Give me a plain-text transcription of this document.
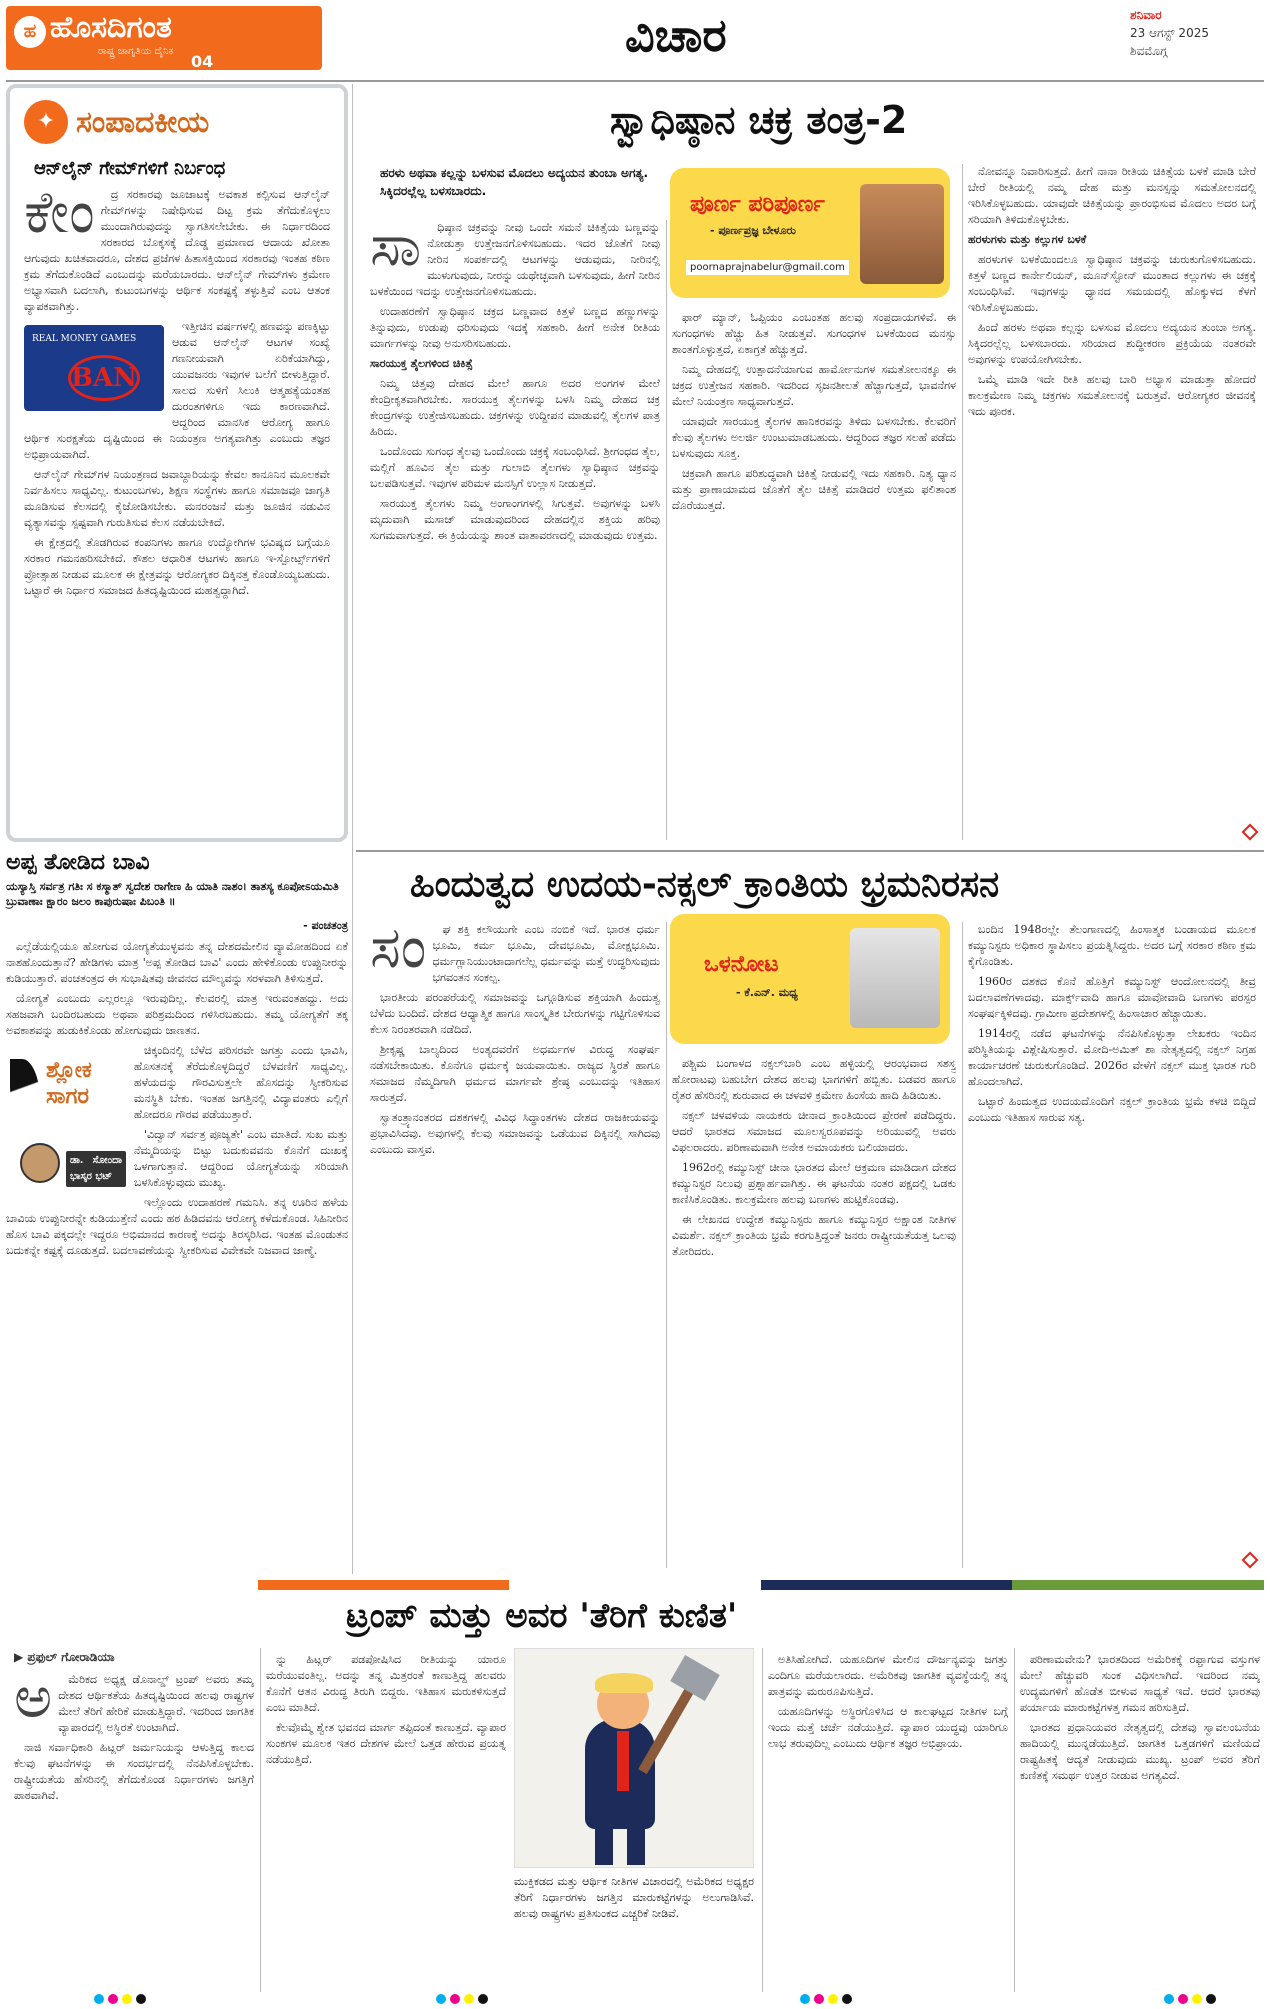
ಹ ಹೊಸದಿಗಂತ
ರಾಷ್ಟ್ರ ಜಾಗೃತಿಯ ದೈನಿಕ
04	ವಿಚಾರ	ಶನಿವಾರ
23 ಆಗಸ್ಟ್ 2025
ಶಿವಮೊಗ್ಗ
✦ ಸಂಪಾದಕೀಯ
ಆನ್‌ಲೈನ್ ಗೇಮ್‌ಗಳಿಗೆ ನಿರ್ಬಂಧ
ಕೇಂ	ದ್ರ ಸರಕಾರವು ಜೂಜಾಟಕ್ಕೆ ಅವಕಾಶ ಕಲ್ಪಿಸುವ ಆನ್‌ಲೈನ್ ಗೇಮ್‌ಗಳನ್ನು ನಿಷೇಧಿಸುವ ದಿಟ್ಟ ಕ್ರಮ ತೆಗೆದುಕೊಳ್ಳಲು ಮುಂದಾಗಿರುವುದನ್ನು ಸ್ವಾಗತಿಸಲೇಬೇಕು. ಈ ನಿರ್ಧಾರದಿಂದ ಸರಕಾರದ ಬೊಕ್ಕಸಕ್ಕೆ ದೊಡ್ಡ ಪ್ರಮಾಣದ ಆದಾಯ ಖೋತಾ ಆಗುವುದು ಖಚಿತವಾದರೂ, ದೇಶದ ಪ್ರಜೆಗಳ ಹಿತಾಸಕ್ತಿಯಿಂದ ಸರಕಾರವು ಇಂತಹ ಕಠಿಣ ಕ್ರಮ ತೆಗೆದುಕೊಂಡಿದೆ ಎಂಬುದನ್ನು ಮರೆಯಬಾರದು. ಆನ್‌ಲೈನ್ ಗೇಮ್‌ಗಳು ಕ್ರಮೇಣ ಅಭ್ಯಾಸವಾಗಿ ಬದಲಾಗಿ, ಕುಟುಂಬಗಳನ್ನು ಆರ್ಥಿಕ ಸಂಕಷ್ಟಕ್ಕೆ ತಳ್ಳುತ್ತಿವೆ ಎಂಬ ಆತಂಕ ವ್ಯಾಪಕವಾಗಿತ್ತು.

REAL MONEY GAMES
BAN

ಇತ್ತೀಚಿನ ವರ್ಷಗಳಲ್ಲಿ ಹಣವನ್ನು ಪಣಕ್ಕಿಟ್ಟು ಆಡುವ ಆನ್‌ಲೈನ್ ಆಟಗಳ ಸಂಖ್ಯೆ ಗಣನೀಯವಾಗಿ ಏರಿಕೆಯಾಗಿದ್ದು, ಯುವಜನರು ಇವುಗಳ ಬಲೆಗೆ ಬೀಳುತ್ತಿದ್ದಾರೆ. ಸಾಲದ ಸುಳಿಗೆ ಸಿಲುಕಿ ಆತ್ಮಹತ್ಯೆಯಂತಹ ದುರಂತಗಳಿಗೂ ಇದು ಕಾರಣವಾಗಿದೆ. ಆದ್ದರಿಂದ ಮಾನಸಿಕ ಆರೋಗ್ಯ ಹಾಗೂ ಆರ್ಥಿಕ ಸುರಕ್ಷತೆಯ ದೃಷ್ಟಿಯಿಂದ ಈ ನಿಯಂತ್ರಣ ಅಗತ್ಯವಾಗಿತ್ತು ಎಂಬುದು ತಜ್ಞರ ಅಭಿಪ್ರಾಯವಾಗಿದೆ.

ಆನ್‌ಲೈನ್ ಗೇಮ್‌ಗಳ ನಿಯಂತ್ರಣದ ಜವಾಬ್ದಾರಿಯನ್ನು ಕೇವಲ ಕಾನೂನಿನ ಮೂಲಕವೇ ನಿರ್ವಹಿಸಲು ಸಾಧ್ಯವಿಲ್ಲ. ಕುಟುಂಬಗಳು, ಶಿಕ್ಷಣ ಸಂಸ್ಥೆಗಳು ಹಾಗೂ ಸಮಾಜವೂ ಜಾಗೃತಿ ಮೂಡಿಸುವ ಕೆಲಸದಲ್ಲಿ ಕೈಜೋಡಿಸಬೇಕು. ಮನರಂಜನೆ ಮತ್ತು ಜೂಜಿನ ನಡುವಿನ ವ್ಯತ್ಯಾಸವನ್ನು ಸ್ಪಷ್ಟವಾಗಿ ಗುರುತಿಸುವ ಕೆಲಸ ನಡೆಯಬೇಕಿದೆ.

ಈ ಕ್ಷೇತ್ರದಲ್ಲಿ ತೊಡಗಿರುವ ಕಂಪನಿಗಳು ಹಾಗೂ ಉದ್ಯೋಗಿಗಳ ಭವಿಷ್ಯದ ಬಗ್ಗೆಯೂ ಸರಕಾರ ಗಮನಹರಿಸಬೇಕಿದೆ. ಕೌಶಲ ಆಧಾರಿತ ಆಟಗಳು ಹಾಗೂ ಇ-ಸ್ಪೋರ್ಟ್ಸ್‌ಗಳಿಗೆ ಪ್ರೋತ್ಸಾಹ ನೀಡುವ ಮೂಲಕ ಈ ಕ್ಷೇತ್ರವನ್ನು ಆರೋಗ್ಯಕರ ದಿಕ್ಕಿನತ್ತ ಕೊಂಡೊಯ್ಯಬಹುದು. ಒಟ್ಟಾರೆ ಈ ನಿರ್ಧಾರ ಸಮಾಜದ ಹಿತದೃಷ್ಟಿಯಿಂದ ಮಹತ್ವದ್ದಾಗಿದೆ.

ಅಪ್ಪ ತೋಡಿದ ಬಾವಿ
ಯಸ್ಯಾಸ್ತಿ ಸರ್ವತ್ರ ಗತಿಃ ಸ ಕಸ್ಮಾತ್ ಸ್ವದೇಶ ರಾಗೇಣ ಹಿ ಯಾತಿ ನಾಶಂ। ತಾತಸ್ಯ ಕೂಪೋಽಯಮಿತಿ ಬ್ರುವಾಣಾಃ ಕ್ಷಾರಂ ಜಲಂ ಕಾಪುರುಷಾಃ ಪಿಬಂತಿ ॥
- ಪಂಚತಂತ್ರ

ಎಲ್ಲೆಡೆಯಲ್ಲಿಯೂ ಹೋಗುವ ಯೋಗ್ಯತೆಯುಳ್ಳವನು ತನ್ನ ದೇಶದಮೇಲಿನ ವ್ಯಾಮೋಹದಿಂದ ಏಕೆ ನಾಶಹೊಂದುತ್ತಾನೆ? ಹೇಡಿಗಳು ಮಾತ್ರ 'ಅಪ್ಪ ತೋಡಿದ ಬಾವಿ' ಎಂದು ಹೇಳಿಕೊಂಡು ಉಪ್ಪುನೀರನ್ನು ಕುಡಿಯುತ್ತಾರೆ. ಪಂಚತಂತ್ರದ ಈ ಸುಭಾಷಿತವು ಜೀವನದ ಮೌಲ್ಯವನ್ನು ಸರಳವಾಗಿ ತಿಳಿಸುತ್ತದೆ.

ಯೋಗ್ಯತೆ ಎಂಬುದು ಎಲ್ಲರಲ್ಲೂ ಇರುವುದಿಲ್ಲ. ಕೆಲವರಲ್ಲಿ ಮಾತ್ರ ಇರುವಂತಹದ್ದು. ಅದು ಸಹಜವಾಗಿ ಬಂದಿರಬಹುದು ಅಥವಾ ಪರಿಶ್ರಮದಿಂದ ಗಳಿಸಿರಬಹುದು. ತಮ್ಮ ಯೋಗ್ಯತೆಗೆ ತಕ್ಕ ಅವಕಾಶವನ್ನು ಹುಡುಕಿಕೊಂಡು ಹೋಗುವುದು ಜಾಣತನ.

ಶ್ಲೋಕ ಸಾಗರ
ಡಾ. ಸೋಂದಾ ಭಾಸ್ಕರ ಭಟ್

ಚಿಕ್ಕಂದಿನಲ್ಲಿ ಬೆಳೆದ ಪರಿಸರವೇ ಜಗತ್ತು ಎಂದು ಭಾವಿಸಿ, ಹೊಸತನಕ್ಕೆ ತೆರೆದುಕೊಳ್ಳದಿದ್ದರೆ ಬೆಳವಣಿಗೆ ಸಾಧ್ಯವಿಲ್ಲ. ಹಳೆಯದನ್ನು ಗೌರವಿಸುತ್ತಲೇ ಹೊಸದನ್ನು ಸ್ವೀಕರಿಸುವ ಮನಸ್ಥಿತಿ ಬೇಕು. ಇಂತಹ ಜಗತ್ತಿನಲ್ಲಿ ವಿದ್ಯಾವಂತರು ಎಲ್ಲಿಗೆ ಹೋದರೂ ಗೌರವ ಪಡೆಯುತ್ತಾರೆ.

'ವಿದ್ವಾನ್ ಸರ್ವತ್ರ ಪೂಜ್ಯತೇ' ಎಂಬ ಮಾತಿದೆ. ಸುಖ ಮತ್ತು ನೆಮ್ಮದಿಯನ್ನು ಬಿಟ್ಟು ಬದುಕುವವನು ಕೊನೆಗೆ ದುಃಖಕ್ಕೆ ಒಳಗಾಗುತ್ತಾನೆ. ಆದ್ದರಿಂದ ಯೋಗ್ಯತೆಯನ್ನು ಸರಿಯಾಗಿ ಬಳಸಿಕೊಳ್ಳುವುದು ಮುಖ್ಯ.

ಇಲ್ಲೊಂದು ಉದಾಹರಣೆ ಗಮನಿಸಿ. ತನ್ನ ಊರಿನ ಹಳೆಯ ಬಾವಿಯ ಉಪ್ಪುನೀರನ್ನೇ ಕುಡಿಯುತ್ತೇನೆ ಎಂದು ಹಠ ಹಿಡಿದವನು ಆರೋಗ್ಯ ಕಳೆದುಕೊಂಡ. ಸಿಹಿನೀರಿನ ಹೊಸ ಬಾವಿ ಪಕ್ಕದಲ್ಲೇ ಇದ್ದರೂ ಅಭಿಮಾನದ ಕಾರಣಕ್ಕೆ ಅದನ್ನು ತಿರಸ್ಕರಿಸಿದ. ಇಂತಹ ಮೊಂಡುತನ ಬದುಕನ್ನೇ ಕಷ್ಟಕ್ಕೆ ದೂಡುತ್ತದೆ. ಬದಲಾವಣೆಯನ್ನು ಸ್ವೀಕರಿಸುವ ವಿವೇಕವೇ ನಿಜವಾದ ಜಾಣ್ಮೆ.

ಸ್ವಾಧಿಷ್ಠಾನ ಚಕ್ರ ತಂತ್ರ-2
ಹರಳು ಅಥವಾ ಕಲ್ಲನ್ನು ಬಳಸುವ ಮೊದಲು ಅದ್ಯಯನ ತುಂಬಾ ಅಗತ್ಯ. ಸಿಕ್ಕಿದರಲ್ಲೆಲ್ಲ ಬಳಸಬಾರದು.
ಪೂರ್ಣ ಪರಿಪೂರ್ಣ
- ಪೂರ್ಣಪ್ರಜ್ಞ ಬೇಳೂರು
poornaprajnabelur@gmail.com
ಸಾ	ಧಿಷ್ಠಾನ ಚಕ್ರವನ್ನು ನೀವು ಒಂದೇ ಸಮನೆ ಚಿಕಿತ್ಸೆಯ ಬಣ್ಣವನ್ನು ನೋಡುತ್ತಾ ಉತ್ತೇಜನಗೊಳಿಸಬಹುದು. ಇದರ ಜೊತೆಗೆ ನೀವು ನೀರಿನ ಸಂಪರ್ಕದಲ್ಲಿ ಆಟಗಳನ್ನು ಆಡುವುದು, ನೀರಿನಲ್ಲಿ ಮುಳುಗುವುದು, ನೀರನ್ನು ಯಥೇಚ್ಛವಾಗಿ ಬಳಸುವುದು, ಹೀಗೆ ನೀರಿನ ಬಳಕೆಯಿಂದ ಇದನ್ನು ಉತ್ತೇಜನಗೊಳಿಸಬಹುದು.

ಉದಾಹರಣೆಗೆ ಸ್ವಾಧಿಷ್ಠಾನ ಚಕ್ರದ ಬಣ್ಣವಾದ ಕಿತ್ತಳೆ ಬಣ್ಣದ ಹಣ್ಣುಗಳನ್ನು ತಿನ್ನುವುದು, ಉಡುಪು ಧರಿಸುವುದು ಇದಕ್ಕೆ ಸಹಕಾರಿ. ಹೀಗೆ ಅನೇಕ ರೀತಿಯ ಮಾರ್ಗಗಳನ್ನು ನೀವು ಅನುಸರಿಸಬಹುದು.

ಸಾರಯುಕ್ತ ತೈಲಗಳಿಂದ ಚಿಕಿತ್ಸೆ

ನಿಮ್ಮ ಚಿತ್ತವು ದೇಹದ ಮೇಲೆ ಹಾಗೂ ಅದರ ಅಂಗಗಳ ಮೇಲೆ ಕೇಂದ್ರೀಕೃತವಾಗಿರಬೇಕು. ಸಾರಯುಕ್ತ ತೈಲಗಳನ್ನು ಬಳಸಿ ನಿಮ್ಮ ದೇಹದ ಚಕ್ರ ಕೇಂದ್ರಗಳನ್ನು ಉತ್ತೇಜಿಸಬಹುದು. ಚಕ್ರಗಳನ್ನು ಉದ್ದೀಪನ ಮಾಡುವಲ್ಲಿ ತೈಲಗಳ ಪಾತ್ರ ಹಿರಿದು.

ಒಂದೊಂದು ಸುಗಂಧ ತೈಲವು ಒಂದೊಂದು ಚಕ್ರಕ್ಕೆ ಸಂಬಂಧಿಸಿದೆ. ಶ್ರೀಗಂಧದ ತೈಲ, ಮಲ್ಲಿಗೆ ಹೂವಿನ ತೈಲ ಮತ್ತು ಗುಲಾಬಿ ತೈಲಗಳು ಸ್ವಾಧಿಷ್ಠಾನ ಚಕ್ರವನ್ನು ಬಲಪಡಿಸುತ್ತವೆ. ಇವುಗಳ ಪರಿಮಳ ಮನಸ್ಸಿಗೆ ಉಲ್ಲಾಸ ನೀಡುತ್ತದೆ.

ಸಾರಯುಕ್ತ ತೈಲಗಳು ನಿಮ್ಮ ಅಂಗಾಂಗಗಳಲ್ಲಿ ಸಿಗುತ್ತವೆ. ಅವುಗಳನ್ನು ಬಳಸಿ ಮೃದುವಾಗಿ ಮಸಾಜ್ ಮಾಡುವುದರಿಂದ ದೇಹದಲ್ಲಿನ ಶಕ್ತಿಯ ಹರಿವು ಸುಗಮವಾಗುತ್ತದೆ. ಈ ಕ್ರಿಯೆಯನ್ನು ಶಾಂತ ವಾತಾವರಣದಲ್ಲಿ ಮಾಡುವುದು ಉತ್ತಮ.

ಫಾರ್ ಮ್ಯಾನ್, ಓಪ್ಪಿಯಂ ಎಂಬಂತಹ ಹಲವು ಸಂಪ್ರದಾಯಗಳಿವೆ. ಈ ಸುಗಂಧಗಳು ಹೆಚ್ಚು ಹಿತ ನೀಡುತ್ತವೆ. ಸುಗಂಧಗಳ ಬಳಕೆಯಿಂದ ಮನಸ್ಸು ಶಾಂತಗೊಳ್ಳುತ್ತದೆ, ಏಕಾಗ್ರತೆ ಹೆಚ್ಚುತ್ತದೆ.

ನಿಮ್ಮ ದೇಹದಲ್ಲಿ ಉತ್ಪಾದನೆಯಾಗುವ ಹಾರ್ಮೋನುಗಳ ಸಮತೋಲನಕ್ಕೂ ಈ ಚಕ್ರದ ಉತ್ತೇಜನ ಸಹಕಾರಿ. ಇದರಿಂದ ಸೃಜನಶೀಲತೆ ಹೆಚ್ಚಾಗುತ್ತದೆ, ಭಾವನೆಗಳ ಮೇಲೆ ನಿಯಂತ್ರಣ ಸಾಧ್ಯವಾಗುತ್ತದೆ.

ಯಾವುದೇ ಸಾರಯುಕ್ತ ತೈಲಗಳ ಹಾನಿಕರವನ್ನು ತಿಳಿದು ಬಳಸಬೇಕು. ಕೆಲವರಿಗೆ ಕೆಲವು ತೈಲಗಳು ಅಲರ್ಜಿ ಉಂಟುಮಾಡಬಹುದು. ಆದ್ದರಿಂದ ತಜ್ಞರ ಸಲಹೆ ಪಡೆದು ಬಳಸುವುದು ಸೂಕ್ತ.

ಚಕ್ರವಾಗಿ ಹಾಗೂ ಪರಿಶುದ್ಧವಾಗಿ ಚಿಕಿತ್ಸೆ ನೀಡುವಲ್ಲಿ ಇದು ಸಹಕಾರಿ. ನಿತ್ಯ ಧ್ಯಾನ ಮತ್ತು ಪ್ರಾಣಾಯಾಮದ ಜೊತೆಗೆ ತೈಲ ಚಿಕಿತ್ಸೆ ಮಾಡಿದರೆ ಉತ್ತಮ ಫಲಿತಾಂಶ ದೊರೆಯುತ್ತದೆ.

ನೋವನ್ನೂ ನಿವಾರಿಸುತ್ತದೆ. ಹೀಗೆ ನಾನಾ ರೀತಿಯ ಚಿಕಿತ್ಸೆಯ ಬಳಕೆ ಮಾಡಿ ಬೇರೆ ಬೇರೆ ರೀತಿಯಲ್ಲಿ ನಮ್ಮ ದೇಹ ಮತ್ತು ಮನಸ್ಸನ್ನು ಸಮತೋಲನದಲ್ಲಿ ಇರಿಸಿಕೊಳ್ಳಬಹುದು. ಯಾವುದೇ ಚಿಕಿತ್ಸೆಯನ್ನು ಪ್ರಾರಂಭಿಸುವ ಮೊದಲು ಅದರ ಬಗ್ಗೆ ಸರಿಯಾಗಿ ತಿಳಿದುಕೊಳ್ಳಬೇಕು.

ಹರಳುಗಳು ಮತ್ತು ಕಲ್ಲುಗಳ ಬಳಕೆ

ಹರಳುಗಳ ಬಳಕೆಯಿಂದಲೂ ಸ್ವಾಧಿಷ್ಠಾನ ಚಕ್ರವನ್ನು ಚುರುಕುಗೊಳಿಸಬಹುದು. ಕಿತ್ತಳೆ ಬಣ್ಣದ ಕಾರ್ನೇಲಿಯನ್, ಮೂನ್‌ಸ್ಟೋನ್ ಮುಂತಾದ ಕಲ್ಲುಗಳು ಈ ಚಕ್ರಕ್ಕೆ ಸಂಬಂಧಿಸಿವೆ. ಇವುಗಳನ್ನು ಧ್ಯಾನದ ಸಮಯದಲ್ಲಿ ಹೊಕ್ಕುಳದ ಕೆಳಗೆ ಇರಿಸಿಕೊಳ್ಳಬಹುದು.

ಹಿಂದೆ ಹರಳು ಅಥವಾ ಕಲ್ಲನ್ನು ಬಳಸುವ ಮೊದಲು ಅದ್ಯಯನ ತುಂಬಾ ಅಗತ್ಯ. ಸಿಕ್ಕಿದರಲ್ಲೆಲ್ಲ ಬಳಸಬಾರದು. ಸರಿಯಾದ ಶುದ್ಧೀಕರಣ ಪ್ರಕ್ರಿಯೆಯ ನಂತರವೇ ಅವುಗಳನ್ನು ಉಪಯೋಗಿಸಬೇಕು.

ಒಮ್ಮೆ ಮಾಡಿ ಇದೇ ರೀತಿ ಹಲವು ಬಾರಿ ಅಭ್ಯಾಸ ಮಾಡುತ್ತಾ ಹೋದರೆ ಕಾಲಕ್ರಮೇಣ ನಿಮ್ಮ ಚಕ್ರಗಳು ಸಮತೋಲನಕ್ಕೆ ಬರುತ್ತವೆ. ಆರೋಗ್ಯಕರ ಜೀವನಕ್ಕೆ ಇದು ಪೂರಕ.

ಹಿಂದುತ್ವದ ಉದಯ-ನಕ್ಸಲ್ ಕ್ರಾಂತಿಯ ಭ್ರಮನಿರಸನ
ಒಳನೋಟ
- ಕೆ.ಎನ್. ಮಧ್ಯ
ಸಂ	ಘ ಶಕ್ತಿ ಕಲೌಯುಗೇ ಎಂಬ ನಂಬಿಕೆ ಇದೆ. ಭಾರತ ಧರ್ಮ ಭೂಮಿ, ಕರ್ಮ ಭೂಮಿ, ದೇವಭೂಮಿ, ಮೋಕ್ಷಭೂಮಿ. ಧರ್ಮಗ್ಲಾನಿಯುಂಟಾದಾಗಲೆಲ್ಲ ಧರ್ಮವನ್ನು ಮತ್ತೆ ಉದ್ಧರಿಸುವುದು ಭಗವಂತನ ಸಂಕಲ್ಪ.

ಭಾರತೀಯ ಪರಂಪರೆಯಲ್ಲಿ ಸಮಾಜವನ್ನು ಒಗ್ಗೂಡಿಸುವ ಶಕ್ತಿಯಾಗಿ ಹಿಂದುತ್ವ ಬೆಳೆದು ಬಂದಿದೆ. ದೇಶದ ಆಧ್ಯಾತ್ಮಿಕ ಹಾಗೂ ಸಾಂಸ್ಕೃತಿಕ ಬೇರುಗಳನ್ನು ಗಟ್ಟಿಗೊಳಿಸುವ ಕೆಲಸ ನಿರಂತರವಾಗಿ ನಡೆದಿದೆ.

ಶ್ರೀಕೃಷ್ಣ ಬಾಲ್ಯದಿಂದ ಅಂತ್ಯದವರೆಗೆ ಅಧರ್ಮಗಳ ವಿರುದ್ಧ ಸಂಘರ್ಷ ನಡೆಸಬೇಕಾಯಿತು. ಕೊನೆಗೂ ಧರ್ಮಕ್ಕೆ ಜಯವಾಯಿತು. ರಾಜ್ಯದ ಸ್ಥಿರತೆ ಹಾಗೂ ಸಮಾಜದ ನೆಮ್ಮದಿಗಾಗಿ ಧರ್ಮದ ಮಾರ್ಗವೇ ಶ್ರೇಷ್ಠ ಎಂಬುದನ್ನು ಇತಿಹಾಸ ಸಾರುತ್ತದೆ.

ಸ್ವಾತಂತ್ರ್ಯಾನಂತರದ ದಶಕಗಳಲ್ಲಿ ವಿವಿಧ ಸಿದ್ಧಾಂತಗಳು ದೇಶದ ರಾಜಕೀಯವನ್ನು ಪ್ರಭಾವಿಸಿದವು. ಅವುಗಳಲ್ಲಿ ಕೆಲವು ಸಮಾಜವನ್ನು ಒಡೆಯುವ ದಿಕ್ಕಿನಲ್ಲಿ ಸಾಗಿದವು ಎಂಬುದು ವಾಸ್ತವ.

ಪಶ್ಚಿಮ ಬಂಗಾಳದ ನಕ್ಸಲ್‌ಬಾರಿ ಎಂಬ ಹಳ್ಳಿಯಲ್ಲಿ ಆರಂಭವಾದ ಸಶಸ್ತ್ರ ಹೋರಾಟವು ಬಹುಬೇಗ ದೇಶದ ಹಲವು ಭಾಗಗಳಿಗೆ ಹಬ್ಬಿತು. ಬಡವರ ಹಾಗೂ ರೈತರ ಹೆಸರಿನಲ್ಲಿ ಶುರುವಾದ ಈ ಚಳವಳಿ ಕ್ರಮೇಣ ಹಿಂಸೆಯ ಹಾದಿ ಹಿಡಿಯಿತು.

ನಕ್ಸಲ್ ಚಳವಳಿಯ ನಾಯಕರು ಚೀನಾದ ಕ್ರಾಂತಿಯಿಂದ ಪ್ರೇರಣೆ ಪಡೆದಿದ್ದರು. ಆದರೆ ಭಾರತದ ಸಮಾಜದ ಮೂಲಸ್ವರೂಪವನ್ನು ಅರಿಯುವಲ್ಲಿ ಅವರು ವಿಫಲರಾದರು. ಪರಿಣಾಮವಾಗಿ ಅನೇಕ ಅಮಾಯಕರು ಬಲಿಯಾದರು.

1962ರಲ್ಲಿ ಕಮ್ಯುನಿಸ್ಟ್ ಚೀನಾ ಭಾರತದ ಮೇಲೆ ಆಕ್ರಮಣ ಮಾಡಿದಾಗ ದೇಶದ ಕಮ್ಯುನಿಸ್ಟರ ನಿಲುವು ಪ್ರಶ್ನಾರ್ಹವಾಗಿತ್ತು. ಈ ಘಟನೆಯ ನಂತರ ಪಕ್ಷದಲ್ಲಿ ಒಡಕು ಕಾಣಿಸಿಕೊಂಡಿತು. ಕಾಲಕ್ರಮೇಣ ಹಲವು ಬಣಗಳು ಹುಟ್ಟಿಕೊಂಡವು.

ಈ ಲೇಖನದ ಉದ್ದೇಶ ಕಮ್ಯುನಿಸ್ಟರು ಹಾಗೂ ಕಮ್ಯುನಿಸ್ಟರ ಅಕ್ಷಾಂಶ ನೀತಿಗಳ ವಿಮರ್ಶೆ. ನಕ್ಸಲ್ ಕ್ರಾಂತಿಯ ಭ್ರಮೆ ಕರಗುತ್ತಿದ್ದಂತೆ ಜನರು ರಾಷ್ಟ್ರೀಯತೆಯತ್ತ ಒಲವು ತೋರಿದರು.

ಬಂದಿನ 1948ರಲ್ಲೇ ತೆಲಂಗಾಣದಲ್ಲಿ ಹಿಂಸಾತ್ಮಕ ಬಂಡಾಯದ ಮೂಲಕ ಕಮ್ಯುನಿಸ್ಟರು ಅಧಿಕಾರ ಸ್ಥಾಪಿಸಲು ಪ್ರಯತ್ನಿಸಿದ್ದರು. ಅದರ ಬಗ್ಗೆ ಸರಕಾರ ಕಠಿಣ ಕ್ರಮ ಕೈಗೊಂಡಿತು.

1960ರ ದಶಕದ ಕೊನೆ ಹೊತ್ತಿಗೆ ಕಮ್ಯುನಿಸ್ಟ್ ಆಂದೋಲನದಲ್ಲಿ ತೀವ್ರ ಬದಲಾವಣೆಗಳಾದವು. ಮಾರ್ಕ್ಸ್‌ವಾದಿ ಹಾಗೂ ಮಾವೋವಾದಿ ಬಣಗಳು ಪರಸ್ಪರ ಸಂಘರ್ಷಕ್ಕಿಳಿದವು. ಗ್ರಾಮೀಣ ಪ್ರದೇಶಗಳಲ್ಲಿ ಹಿಂಸಾಚಾರ ಹೆಚ್ಚಾಯಿತು.

1914ರಲ್ಲಿ ನಡೆದ ಘಟನೆಗಳನ್ನು ನೆನಪಿಸಿಕೊಳ್ಳುತ್ತಾ ಲೇಖಕರು ಇಂದಿನ ಪರಿಸ್ಥಿತಿಯನ್ನು ವಿಶ್ಲೇಷಿಸುತ್ತಾರೆ. ಮೋದಿ-ಅಮಿತ್ ಶಾ ನೇತೃತ್ವದಲ್ಲಿ ನಕ್ಸಲ್ ನಿಗ್ರಹ ಕಾರ್ಯಾಚರಣೆ ಚುರುಕುಗೊಂಡಿದೆ. 2026ರ ವೇಳೆಗೆ ನಕ್ಸಲ್ ಮುಕ್ತ ಭಾರತ ಗುರಿ ಹೊಂದಲಾಗಿದೆ.

ಒಟ್ಟಾರೆ ಹಿಂದುತ್ವದ ಉದಯದೊಂದಿಗೆ ನಕ್ಸಲ್ ಕ್ರಾಂತಿಯ ಭ್ರಮೆ ಕಳಚಿ ಬಿದ್ದಿದೆ ಎಂಬುದು ಇತಿಹಾಸ ಸಾರುವ ಸತ್ಯ.

ಟ್ರಂಪ್ ಮತ್ತು ಅವರ 'ತೆರಿಗೆ ಕುಣಿತ'
▶ ಪ್ರಫುಲ್ ಗೋರಾಡಿಯಾ
ಅ	ಮೆರಿಕದ ಅಧ್ಯಕ್ಷ ಡೊನಾಲ್ಡ್ ಟ್ರಂಪ್ ಅವರು ತಮ್ಮ ದೇಶದ ಆರ್ಥಿಕತೆಯ ಹಿತದೃಷ್ಟಿಯಿಂದ ಹಲವು ರಾಷ್ಟ್ರಗಳ ಮೇಲೆ ತೆರಿಗೆ ಹೇರಿಕೆ ಮಾಡುತ್ತಿದ್ದಾರೆ. ಇದರಿಂದ ಜಾಗತಿಕ ವ್ಯಾಪಾರದಲ್ಲಿ ಅಸ್ಥಿರತೆ ಉಂಟಾಗಿದೆ.

ನಾಜಿ ಸರ್ವಾಧಿಕಾರಿ ಹಿಟ್ಲರ್ ಜರ್ಮನಿಯನ್ನು ಆಳುತ್ತಿದ್ದ ಕಾಲದ ಕೆಲವು ಘಟನೆಗಳನ್ನು ಈ ಸಂದರ್ಭದಲ್ಲಿ ನೆನಪಿಸಿಕೊಳ್ಳಬೇಕು. ರಾಷ್ಟ್ರೀಯತೆಯ ಹೆಸರಿನಲ್ಲಿ ತೆಗೆದುಕೊಂಡ ನಿರ್ಧಾರಗಳು ಜಗತ್ತಿಗೆ ಪಾಠವಾಗಿವೆ.

ನ್ನು ಹಿಟ್ಲರ್ ಪಡಪೋಷಿಸಿದ ರೀತಿಯನ್ನು ಯಾರೂ ಮರೆಯುವಂತಿಲ್ಲ. ಅದನ್ನು ತನ್ನ ಮಿತ್ರರಂತೆ ಕಾಣುತ್ತಿದ್ದ ಹಲವರು ಕೊನೆಗೆ ಆತನ ವಿರುದ್ಧ ತಿರುಗಿ ಬಿದ್ದರು. ಇತಿಹಾಸ ಮರುಕಳಿಸುತ್ತದೆ ಎಂಬ ಮಾತಿದೆ.

ಕೆಲವೊಮ್ಮೆ ಶ್ವೇತ ಭವನದ ಮಾರ್ಗ ತಪ್ಪಿದಂತೆ ಕಾಣುತ್ತದೆ. ವ್ಯಾಪಾರ ಸುಂಕಗಳ ಮೂಲಕ ಇತರ ದೇಶಗಳ ಮೇಲೆ ಒತ್ತಡ ಹೇರುವ ಪ್ರಯತ್ನ ನಡೆಯುತ್ತಿದೆ.

ಮುಕ್ತಿಕಡದ ಮತ್ತು ಆರ್ಥಿಕ ನೀತಿಗಳ ವಿಚಾರದಲ್ಲಿ ಅಮೆರಿಕದ ಅಧ್ಯಕ್ಷರ ತೆರಿಗೆ ನಿರ್ಧಾರಗಳು ಜಗತ್ತಿನ ಮಾರುಕಟ್ಟೆಗಳನ್ನು ಅಲುಗಾಡಿಸಿವೆ. ಹಲವು ರಾಷ್ಟ್ರಗಳು ಪ್ರತಿಸುಂಕದ ಎಚ್ಚರಿಕೆ ನೀಡಿವೆ.

ಅತಿಸಿಹೋಗಿದೆ. ಯಹೂದಿಗಳ ಮೇಲಿನ ದೌರ್ಜನ್ಯವನ್ನು ಜಗತ್ತು ಎಂದಿಗೂ ಮರೆಯಲಾರದು. ಅಮೆರಿಕವು ಜಾಗತಿಕ ವ್ಯವಸ್ಥೆಯಲ್ಲಿ ತನ್ನ ಪಾತ್ರವನ್ನು ಮರುರೂಪಿಸುತ್ತಿದೆ.

ಯಹೂದಿಗಳನ್ನು ಅಸ್ಥಿರಗೊಳಿಸಿದ ಆ ಕಾಲಘಟ್ಟದ ನೀತಿಗಳ ಬಗ್ಗೆ ಇಂದು ಮತ್ತೆ ಚರ್ಚೆ ನಡೆಯುತ್ತಿದೆ. ವ್ಯಾಪಾರ ಯುದ್ಧವು ಯಾರಿಗೂ ಲಾಭ ತರುವುದಿಲ್ಲ ಎಂಬುದು ಆರ್ಥಿಕ ತಜ್ಞರ ಅಭಿಪ್ರಾಯ.

ಪರಿಣಾಮವೇನು? ಭಾರತದಿಂದ ಅಮೆರಿಕಕ್ಕೆ ರಫ್ತಾಗುವ ವಸ್ತುಗಳ ಮೇಲೆ ಹೆಚ್ಚುವರಿ ಸುಂಕ ವಿಧಿಸಲಾಗಿದೆ. ಇದರಿಂದ ನಮ್ಮ ಉದ್ಯಮಗಳಿಗೆ ಹೊಡೆತ ಬೀಳುವ ಸಾಧ್ಯತೆ ಇದೆ. ಆದರೆ ಭಾರತವು ಪರ್ಯಾಯ ಮಾರುಕಟ್ಟೆಗಳತ್ತ ಗಮನ ಹರಿಸುತ್ತಿದೆ.

ಭಾರತದ ಪ್ರಧಾನಿಯವರ ನೇತೃತ್ವದಲ್ಲಿ ದೇಶವು ಸ್ವಾವಲಂಬನೆಯ ಹಾದಿಯಲ್ಲಿ ಮುನ್ನಡೆಯುತ್ತಿದೆ. ಜಾಗತಿಕ ಒತ್ತಡಗಳಿಗೆ ಮಣಿಯದೆ ರಾಷ್ಟ್ರಹಿತಕ್ಕೆ ಆದ್ಯತೆ ನೀಡುವುದು ಮುಖ್ಯ. ಟ್ರಂಪ್ ಅವರ ತೆರಿಗೆ ಕುಣಿತಕ್ಕೆ ಸಮರ್ಥ ಉತ್ತರ ನೀಡುವ ಅಗತ್ಯವಿದೆ.
